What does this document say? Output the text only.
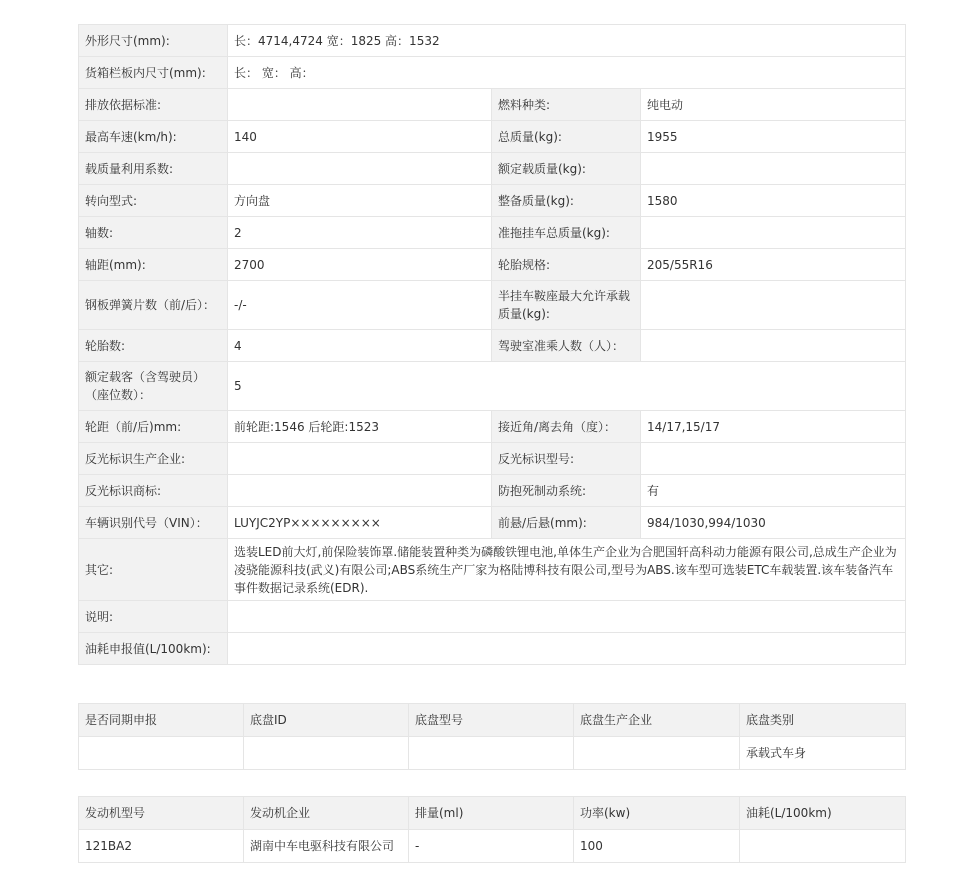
外形尺寸(mm):	长：4714,4724 宽：1825 高：1532		
货箱栏板内尺寸(mm):	长： 宽： 高：		
排放依据标准:		燃料种类:	纯电动
最高车速(km/h):	140	总质量(kg):	1955
载质量利用系数:		额定载质量(kg):	
转向型式:	方向盘	整备质量(kg):	1580
轴数:	2	准拖挂车总质量(kg):	
轴距(mm):	2700	轮胎规格:	205/55R16
钢板弹簧片数（前/后）：	-/-	半挂车鞍座最大允许承载质量(kg):	
轮胎数:	4	驾驶室准乘人数（人）：	
额定载客（含驾驶员）（座位数）：	5		
轮距（前/后)mm:	前轮距:1546 后轮距:1523	接近角/离去角（度）：	14/17,15/17
反光标识生产企业:		反光标识型号:	
反光标识商标:		防抱死制动系统:	有
车辆识别代号（VIN）：	LUYJC2YP×××××××××	前悬/后悬(mm):	984/1030,994/1030
其它:	选装LED前大灯,前保险装饰罩.储能装置种类为磷酸铁锂电池,单体生产企业为合肥国轩高科动力能源有限公司,总成生产企业为凌骁能源科技(武义)有限公司;ABS系统生产厂家为格陆博科技有限公司,型号为ABS.该车型可选装ETC车载装置.该车装备汽车事件数据记录系统(EDR).		
说明:			
油耗申报值(L/100km):			
是否同期申报	底盘ID	底盘型号	底盘生产企业	底盘类别
				承载式车身
发动机型号	发动机企业	排量(ml)	功率(kw)	油耗(L/100km)
121BA2	湖南中车电驱科技有限公司	-	100	
